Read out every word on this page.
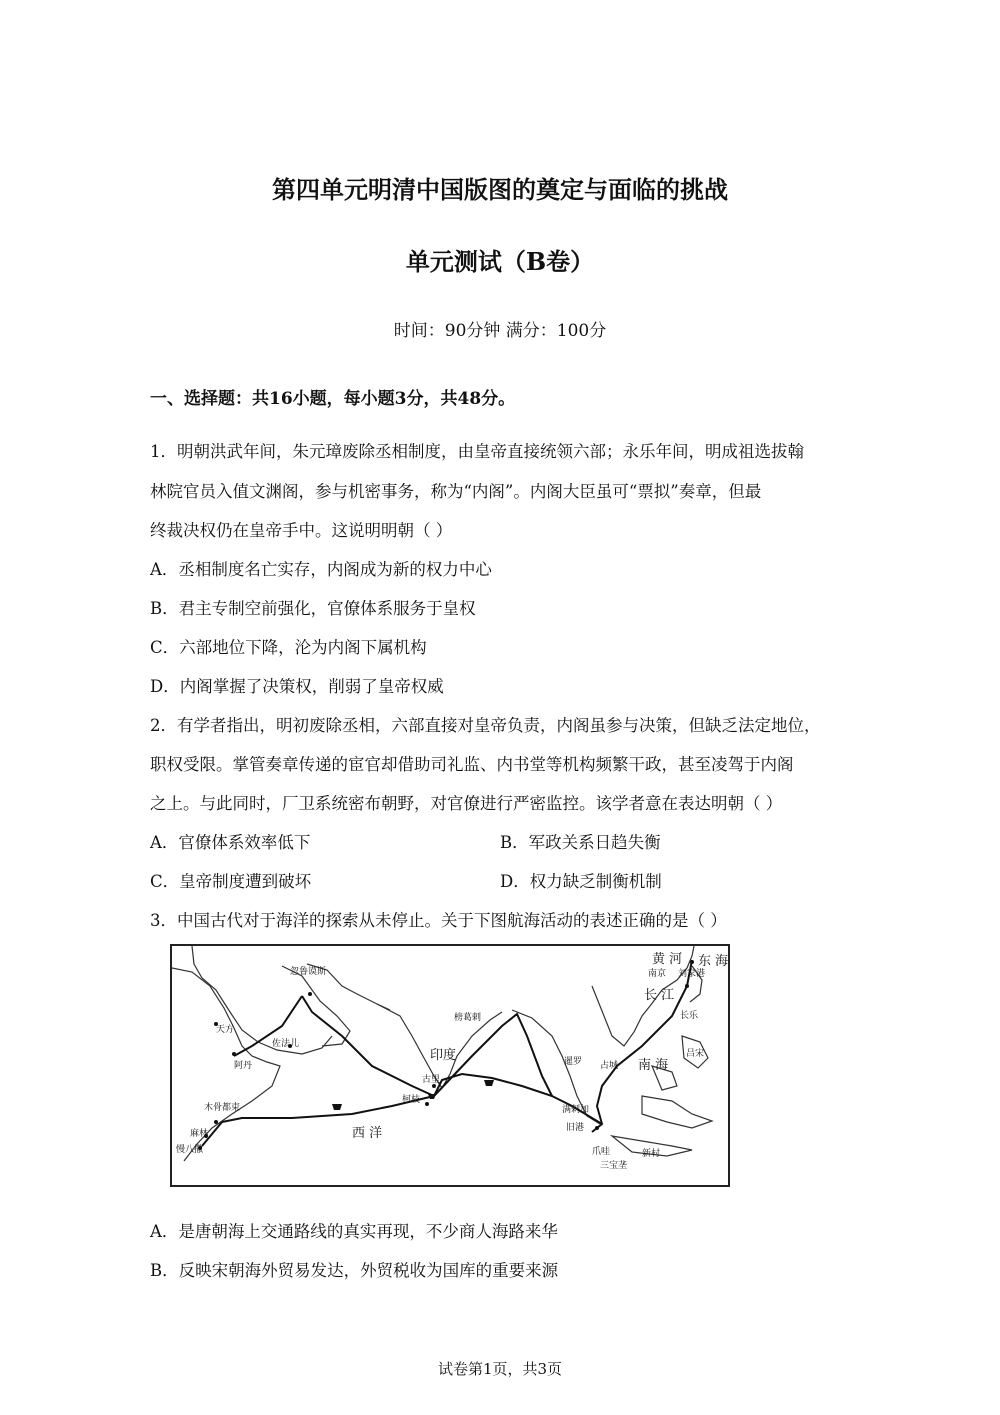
第四单元明清中国版图的奠定与面临的挑战
单元测试（B卷）
时间：90分钟 满分：100分
一、选择题：共16小题，每小题3分，共48分。
1．明朝洪武年间，朱元璋废除丞相制度，由皇帝直接统领六部；永乐年间，明成祖选拔翰
林院官员入值文渊阁，参与机密事务，称为“内阁”。内阁大臣虽可“票拟”奏章，但最
终裁决权仍在皇帝手中。这说明明朝（ ）
A．丞相制度名亡实存，内阁成为新的权力中心
B．君主专制空前强化，官僚体系服务于皇权
C．六部地位下降，沦为内阁下属机构
D．内阁掌握了决策权，削弱了皇帝权威
2．有学者指出，明初废除丞相，六部直接对皇帝负责，内阁虽参与决策，但缺乏法定地位，
职权受限。掌管奏章传递的宦官却借助司礼监、内书堂等机构频繁干政，甚至凌驾于内阁
之上。与此同时，厂卫系统密布朝野，对官僚进行严密监控。该学者意在表达明朝（ ）
A．官僚体系效率低下	B．军政关系日趋失衡
C．皇帝制度遭到破坏	D．权力缺乏制衡机制
3．中国古代对于海洋的探索从未停止。关于下图航海活动的表述正确的是（ ）
忽鲁谟斯
天方
阿丹
佐法儿
木骨都束
麻林
慢八撒
榜葛剌
印度
古里
柯枝
暹罗 占城
满剌加
旧港
爪哇
三宝垄
南京 刘家港
长乐
吕宋
新村
黄 河
长 江
东 海
南 海
西 洋
A．是唐朝海上交通路线的真实再现，不少商人海路来华
B．反映宋朝海外贸易发达，外贸税收为国库的重要来源
试卷第1页，共3页
